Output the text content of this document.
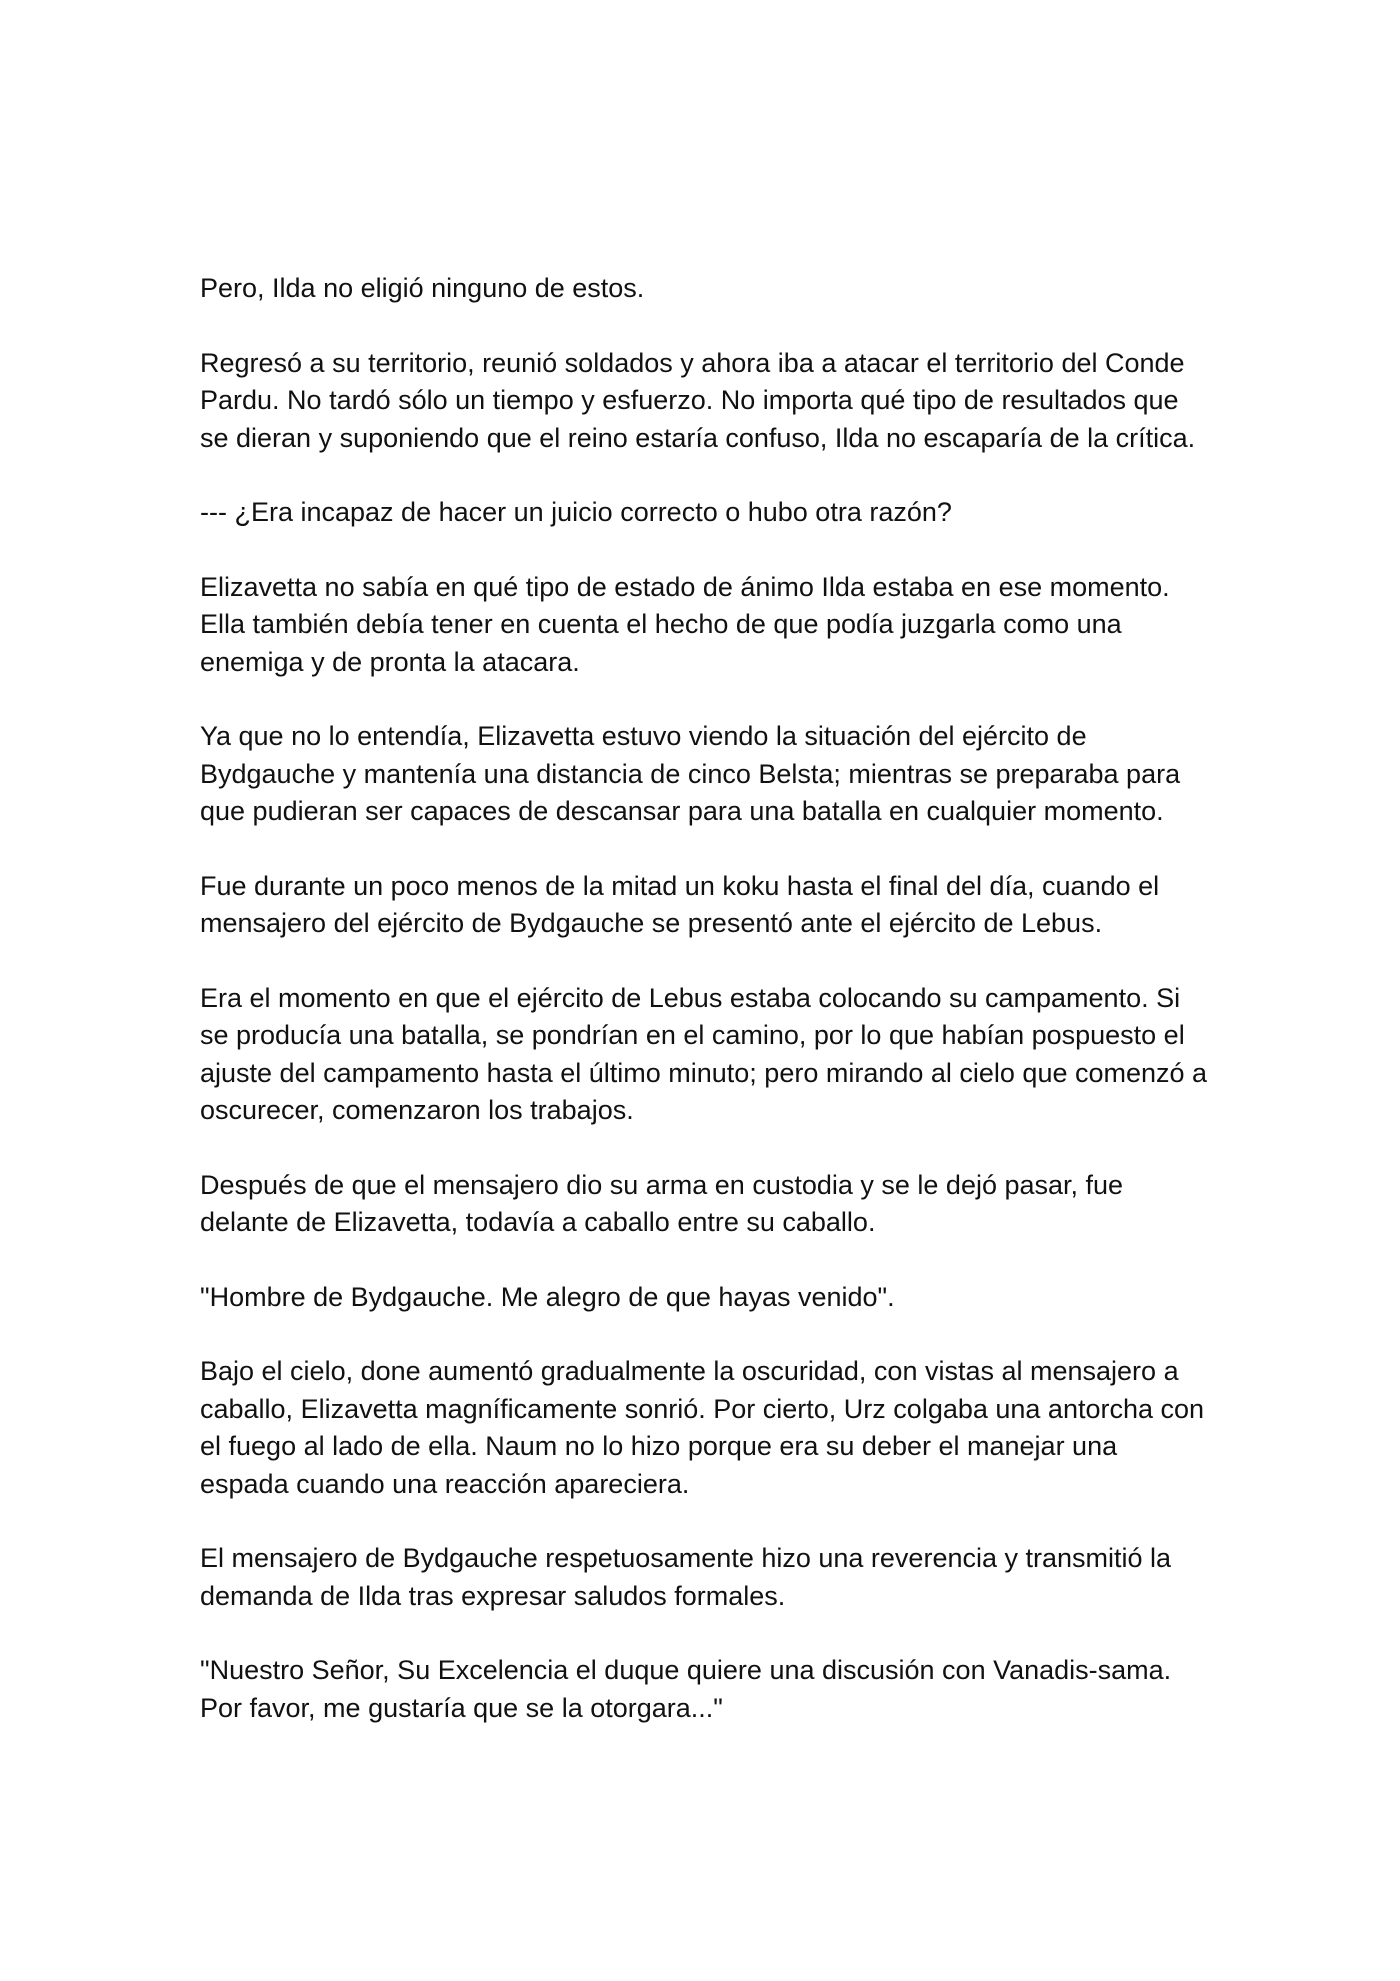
Pero, Ilda no eligió ninguno de estos.

Regresó a su territorio, reunió soldados y ahora iba a atacar el territorio del Conde Pardu. No tardó sólo un tiempo y esfuerzo. No importa qué tipo de resultados que se dieran y suponiendo que el reino estaría confuso, Ilda no escaparía de la crítica.

--- ¿Era incapaz de hacer un juicio correcto o hubo otra razón?

Elizavetta no sabía en qué tipo de estado de ánimo Ilda estaba en ese momento. Ella también debía tener en cuenta el hecho de que podía juzgarla como una enemiga y de pronta la atacara.

Ya que no lo entendía, Elizavetta estuvo viendo la situación del ejército de Bydgauche y mantenía una distancia de cinco Belsta; mientras se preparaba para que pudieran ser capaces de descansar para una batalla en cualquier momento.

Fue durante un poco menos de la mitad un koku hasta el final del día, cuando el mensajero del ejército de Bydgauche se presentó ante el ejército de Lebus.

Era el momento en que el ejército de Lebus estaba colocando su campamento. Si se producía una batalla, se pondrían en el camino, por lo que habían pospuesto el ajuste del campamento hasta el último minuto; pero mirando al cielo que comenzó a oscurecer, comenzaron los trabajos.

Después de que el mensajero dio su arma en custodia y se le dejó pasar, fue delante de Elizavetta, todavía a caballo entre su caballo.

"Hombre de Bydgauche. Me alegro de que hayas venido".

Bajo el cielo, done aumentó gradualmente la oscuridad, con vistas al mensajero a caballo, Elizavetta magníficamente sonrió. Por cierto, Urz colgaba una antorcha con el fuego al lado de ella. Naum no lo hizo porque era su deber el manejar una espada cuando una reacción apareciera.

El mensajero de Bydgauche respetuosamente hizo una reverencia y transmitió la demanda de Ilda tras expresar saludos formales.

"Nuestro Señor, Su Excelencia el duque quiere una discusión con Vanadis-sama. Por favor, me gustaría que se la otorgara..."
